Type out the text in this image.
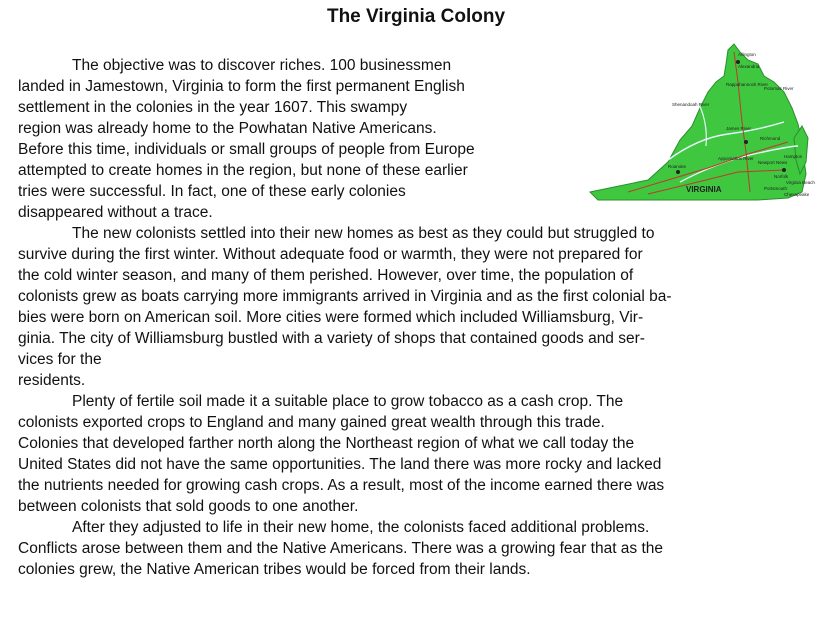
The Virginia Colony
The objective was to discover riches. 100 businessmen
landed in Jamestown, Virginia to form the first permanent English
settlement in the colonies in the year 1607. This swampy
region was already home to the Powhatan Native Americans.
Before this time, individuals or small groups of people from Europe
attempted to create homes in the region, but none of these earlier
tries were successful. In fact, one of these early colonies
disappeared without a trace.
The new colonists settled into their new homes as best as they could but struggled to
survive during the first winter. Without adequate food or warmth, they were not prepared for
the cold winter season, and many of them perished. However, over time, the population of
colonists grew as boats carrying more immigrants arrived in Virginia and as the first colonial ba-
bies were born on American soil. More cities were formed which included Williamsburg, Vir-
ginia. The city of Williamsburg bustled with a variety of shops that contained goods and ser-
vices for the
residents.
Plenty of fertile soil made it a suitable place to grow tobacco as a cash crop. The
colonists exported crops to England and many gained great wealth through this trade.
Colonies that developed farther north along the Northeast region of what we call today the
United States did not have the same opportunities. The land there was more rocky and lacked
the nutrients needed for growing cash crops. As a result, most of the income earned there was
between colonists that sold goods to one another.
After they adjusted to life in their new home, the colonists faced additional problems.
Conflicts arose between them and the Native Americans. There was a growing fear that as the
colonies grew, the Native American tribes would be forced from their lands.
VIRGINIA
Arlington
Alexandria
Rappahannock River
Potomac River
Shenandoah River
James River
Richmond
Appomattox River
Roanoke
Norfolk
Newport News
Hampton
Portsmouth
Virginia Beach
Chesapeake
